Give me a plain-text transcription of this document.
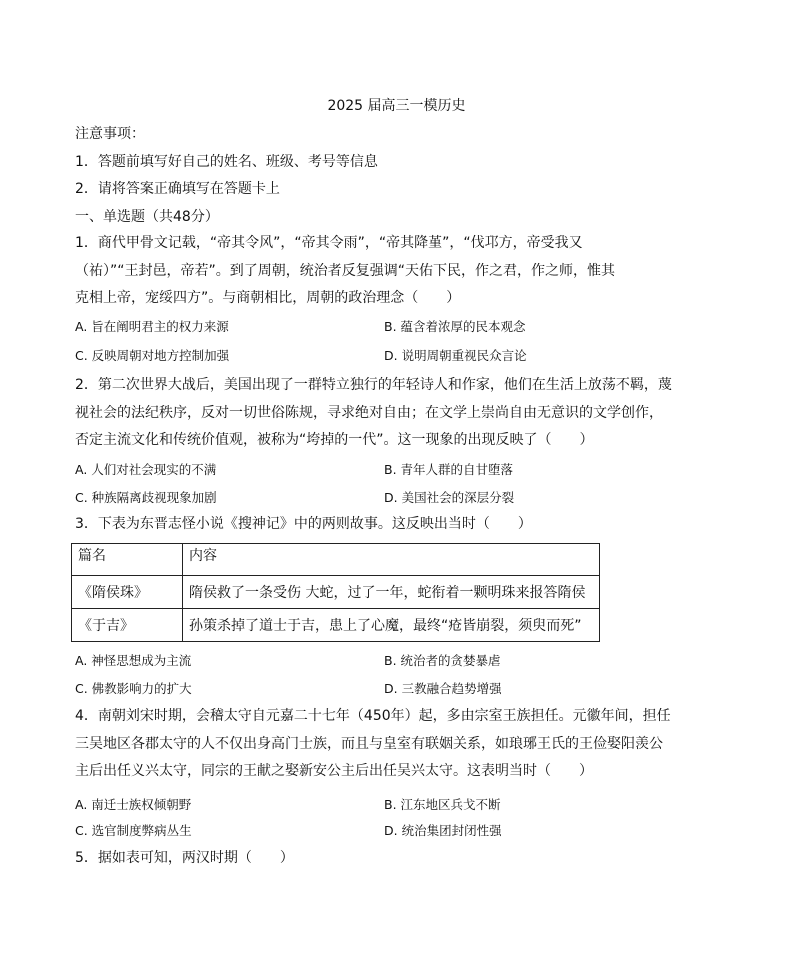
2025 届高三一模历史
注意事项：
1．答题前填写好自己的姓名、班级、考号等信息
2．请将答案正确填写在答题卡上
一、单选题（共48分）
1．商代甲骨文记载，“帝其令风”，“帝其令雨”，“帝其降堇”，“伐邛方，帝受我又
（祐）”“王封邑，帝若”。到了周朝，统治者反复强调“天佑下民，作之君，作之师，惟其
克相上帝，宠绥四方”。与商朝相比，周朝的政治理念（　　）
A. 旨在阐明君主的权力来源	B. 蕴含着浓厚的民本观念
C. 反映周朝对地方控制加强	D. 说明周朝重视民众言论
2．第二次世界大战后，美国出现了一群特立独行的年轻诗人和作家，他们在生活上放荡不羁，蔑
视社会的法纪秩序，反对一切世俗陈规，寻求绝对自由；在文学上崇尚自由无意识的文学创作，
否定主流文化和传统价值观，被称为“垮掉的一代”。这一现象的出现反映了（　　）
A. 人们对社会现实的不满	B. 青年人群的自甘堕落
C. 种族隔离歧视现象加剧	D. 美国社会的深层分裂
3．下表为东晋志怪小说《搜神记》中的两则故事。这反映出当时（　　）
篇名	内容
《隋侯珠》	隋侯救了一条受伤 大蛇，过了一年，蛇衔着一颗明珠来报答隋侯
《于吉》	孙策杀掉了道士于吉，患上了心魔，最终“疮皆崩裂，须臾而死”
A. 神怪思想成为主流	B. 统治者的贪婪暴虐
C. 佛教影响力的扩大	D. 三教融合趋势增强
4．南朝刘宋时期，会稽太守自元嘉二十七年（450年）起，多由宗室王族担任。元徽年间，担任
三吴地区各郡太守的人不仅出身高门士族，而且与皇室有联姻关系，如琅琊王氏的王俭娶阳羡公
主后出任义兴太守，同宗的王献之娶新安公主后出任吴兴太守。这表明当时（　　）
A. 南迁士族权倾朝野	B. 江东地区兵戈不断
C. 选官制度弊病丛生	D. 统治集团封闭性强
5．据如表可知，两汉时期（　　）
